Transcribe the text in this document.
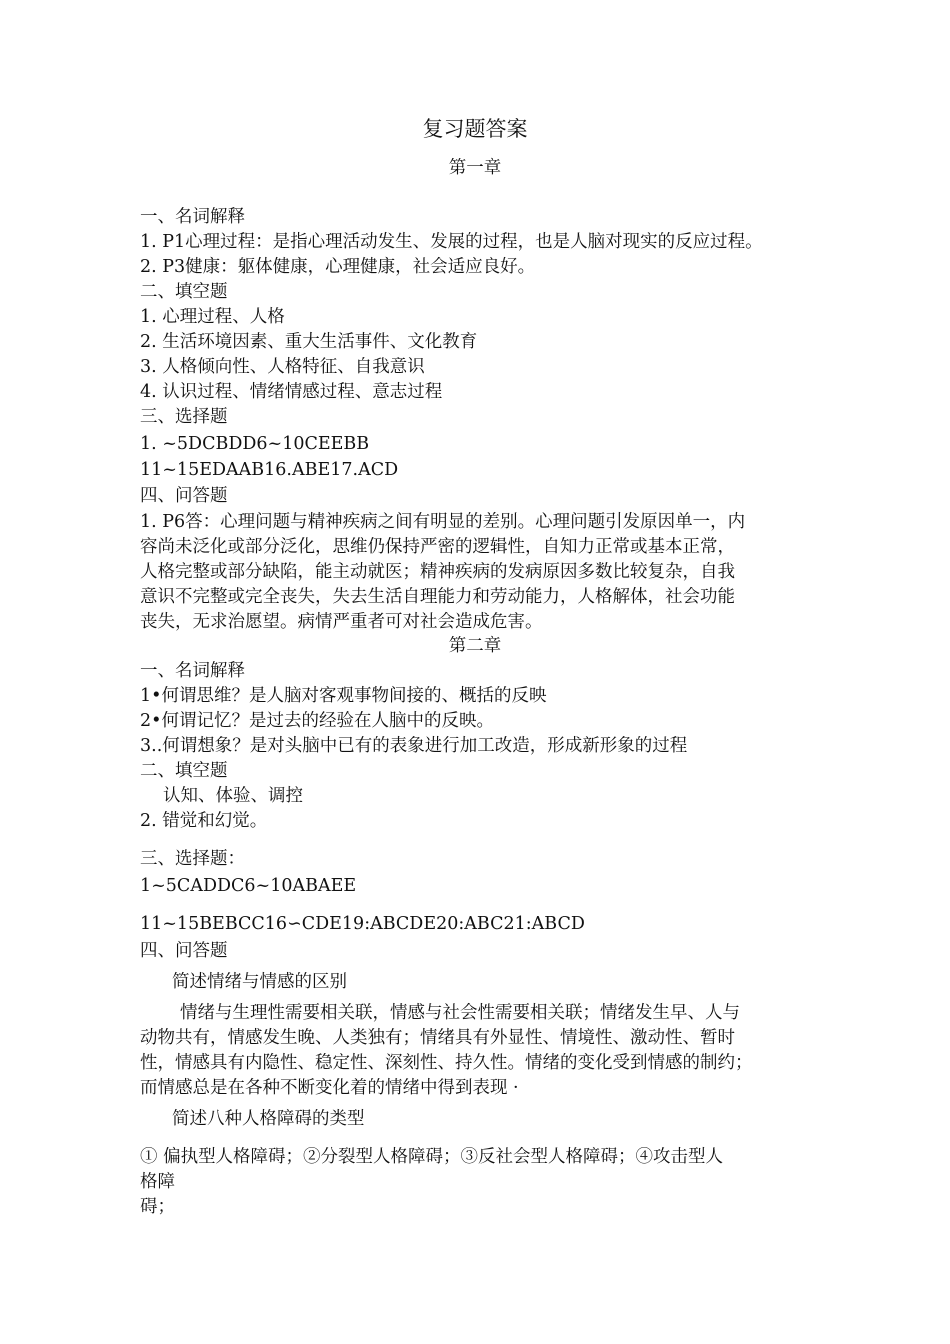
复习题答案
第一章
一、名词解释
1. P1心理过程：是指心理活动发生、发展的过程，也是人脑对现实的反应过程。
2. P3健康：躯体健康，心理健康，社会适应良好。
二、填空题
1. 心理过程、人格
2. 生活环境因素、重大生活事件、文化教育
3. 人格倾向性、人格特征、自我意识
4. 认识过程、情绪情感过程、意志过程
三、选择题
1. ~5DCBDD6~10CEEBB
11~15EDAAB16.ABE17.ACD
四、问答题
1. P6答：心理问题与精神疾病之间有明显的差别。心理问题引发原因单一，内
容尚未泛化或部分泛化，思维仍保持严密的逻辑性，自知力正常或基本正常，
人格完整或部分缺陷，能主动就医；精神疾病的发病原因多数比较复杂，自我
意识不完整或完全丧失，失去生活自理能力和劳动能力，人格解体，社会功能
丧失，无求治愿望。病情严重者可对社会造成危害。
第二章
一、名词解释
1•何谓思维？是人脑对客观事物间接的、概括的反映
2•何谓记忆？是过去的经验在人脑中的反映。
3..何谓想象？是对头脑中已有的表象进行加工改造，形成新形象的过程
二、填空题
认知、体验、调控
2. 错觉和幻觉。
三、选择题：
1~5CADDC6~10ABAEE
11~15BEBCC16∽CDE19:ABCDE20:ABC21:ABCD
四、问答题
简述情绪与情感的区别
情绪与生理性需要相关联，情感与社会性需要相关联；情绪发生早、人与
动物共有，情感发生晚、人类独有；情绪具有外显性、情境性、激动性、暂时
性，情感具有内隐性、稳定性、深刻性、持久性。情绪的变化受到情感的制约；
而情感总是在各种不断变化着的情绪中得到表现 ·
简述八种人格障碍的类型
① 偏执型人格障碍；②分裂型人格障碍；③反社会型人格障碍；④攻击型人
格障
碍；
